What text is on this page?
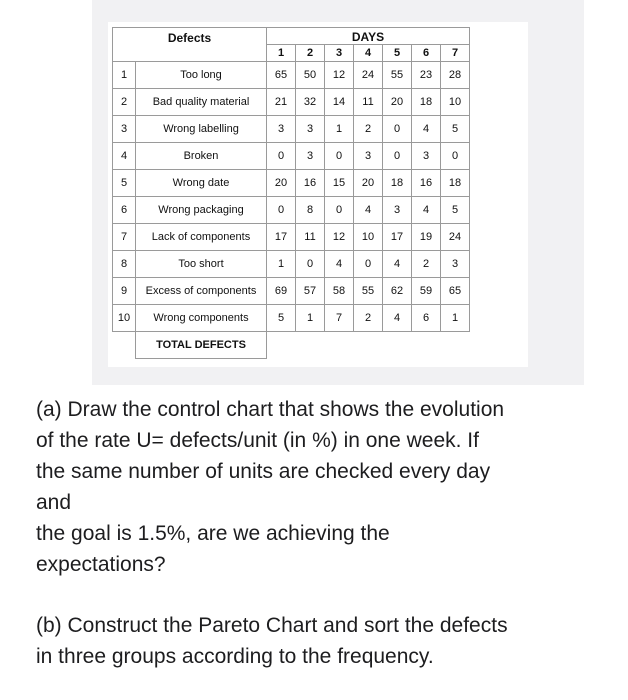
Defects		DAYS						
		1	2	3	4	5	6	7
1	Too long	65	50	12	24	55	23	28
2	Bad quality material	21	32	14	11	20	18	10
3	Wrong labelling	3	3	1	2	0	4	5
4	Broken	0	3	0	3	0	3	0
5	Wrong date	20	16	15	20	18	16	18
6	Wrong packaging	0	8	0	4	3	4	5
7	Lack of components	17	11	12	10	17	19	24
8	Too short	1	0	4	0	4	2	3
9	Excess of components	69	57	58	55	62	59	65
10	Wrong components	5	1	7	2	4	6	1
	TOTAL DEFECTS							

(a) Draw the control chart that shows the evolution
of the rate U= defects/unit (in %) in one week. If
the same number of units are checked every day
and
the goal is 1.5%, are we achieving the
expectations?

(b) Construct the Pareto Chart and sort the defects
in three groups according to the frequency.
